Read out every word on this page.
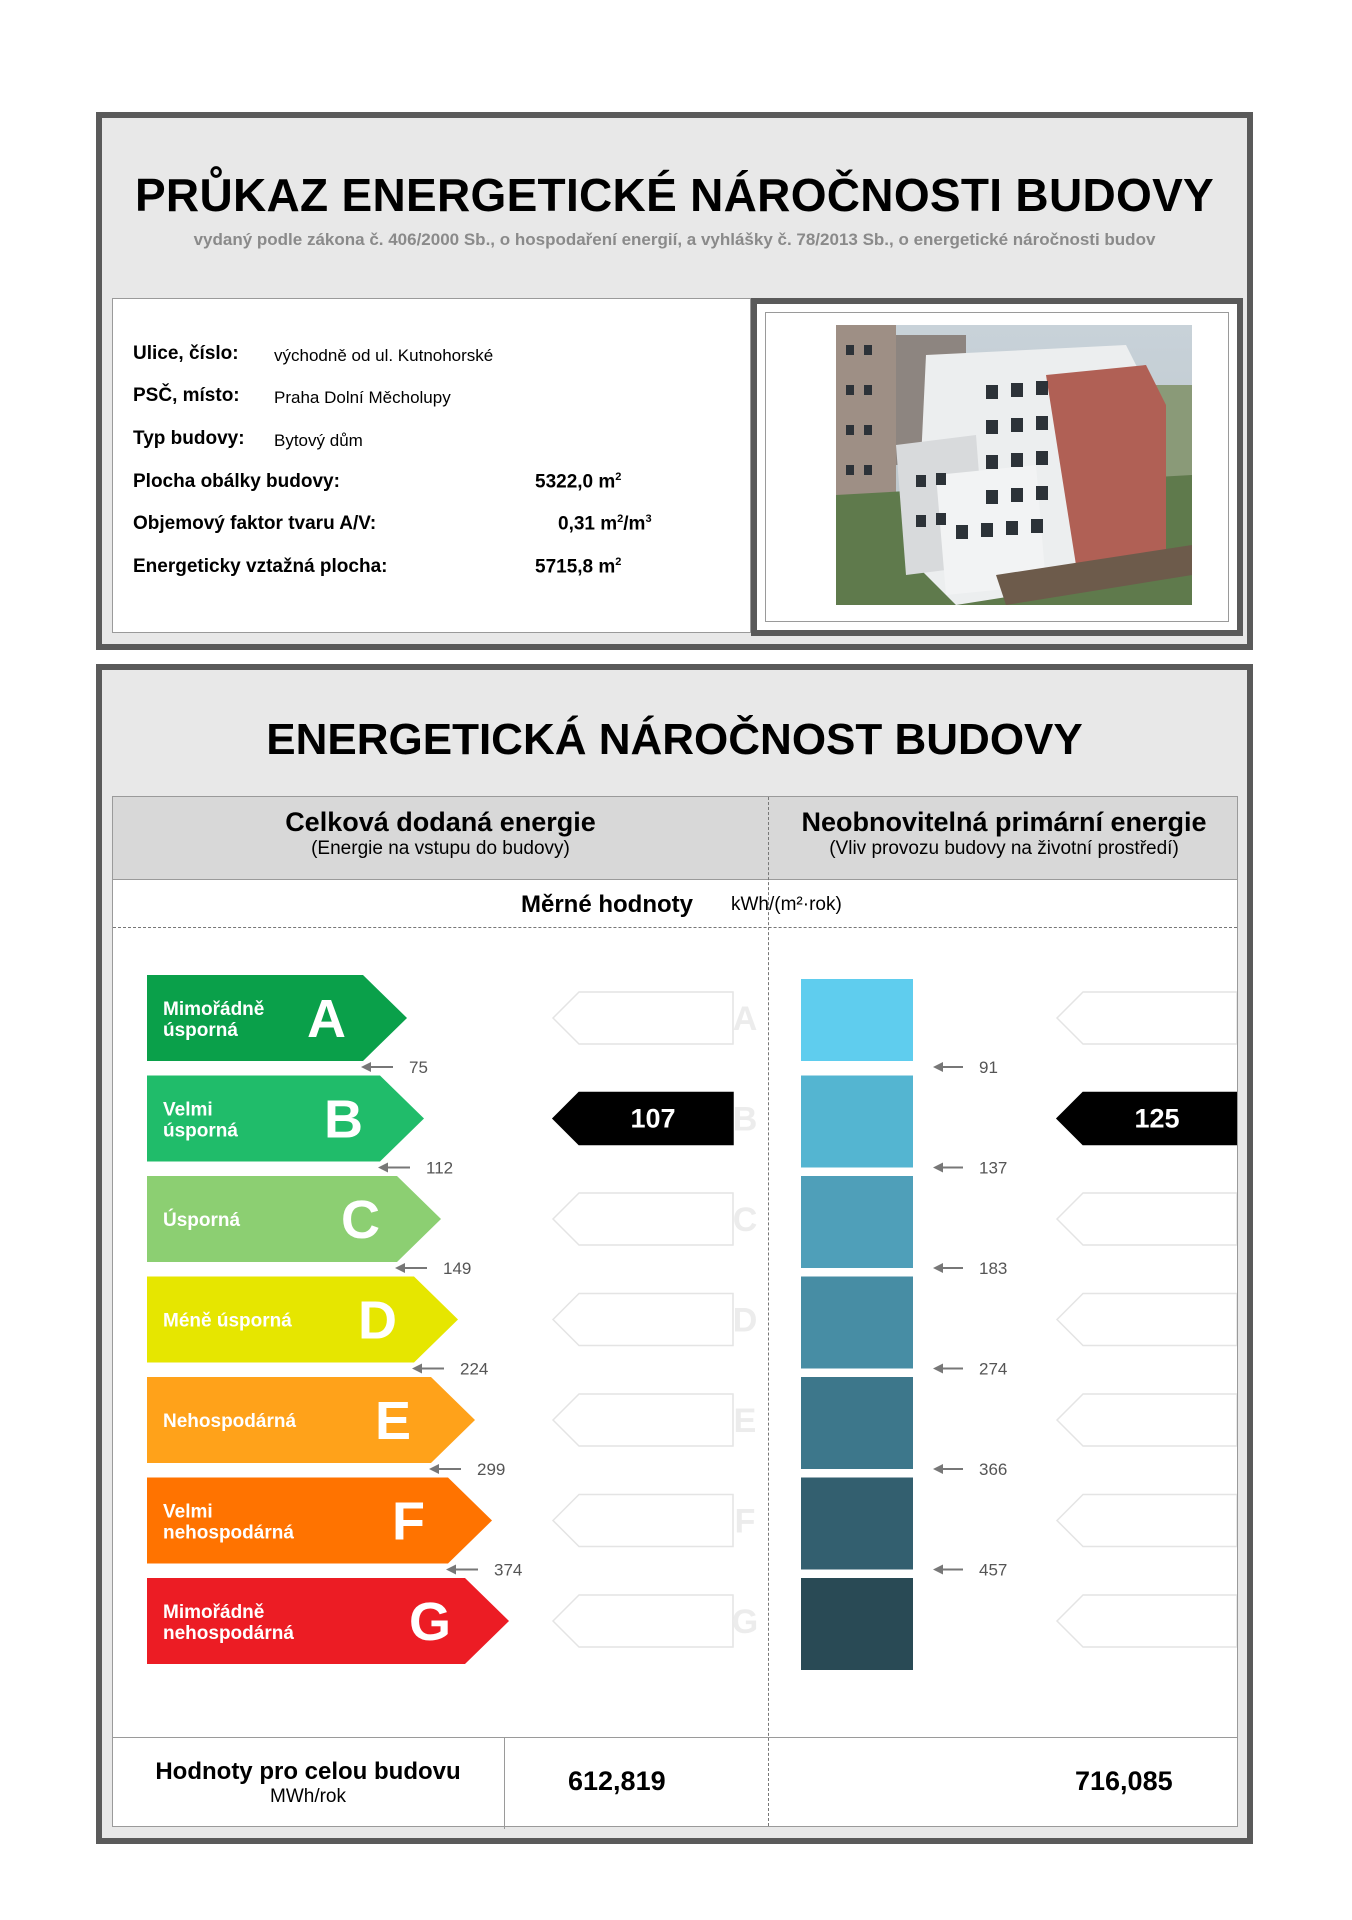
PRŮKAZ ENERGETICKÉ NÁROČNOSTI BUDOVY
vydaný podle zákona č. 406/2000 Sb., o hospodaření energií, a vyhlášky č. 78/2013 Sb., o energetické náročnosti budov
Ulice, číslo: východně od ul. Kutnohorské
PSČ, místo: Praha Dolní Měcholupy
Typ budovy: Bytový dům
Plocha obálky budovy:	5322,0 $m^2$
Objemový faktor tvaru A/V:	0,31 $m^2/m^3$
Energeticky vztažná plocha:	5715,8 $m^2$
ENERGETICKÁ NÁROČNOST BUDOVY
Celková dodaná energie
(Energie na vstupu do budovy)
Neobnovitelná primární energie
(Vliv provozu budovy na životní prostředí)
Měrné hodnoty kWh/(m²·rok)
Mimořádně
úsporná A	A
Velmi
úsporná B	107 B
Úsporná C	C
Méně úsporná D	D
Nehospodárná E	E
Velmi
nehospodárná F	F
Mimořádně
nehospodárná G	G
75
112
149
224
299
374
125
91
137
183
274
366
457
Hodnoty pro celou budovu
MWh/rok
612,819	716,085
